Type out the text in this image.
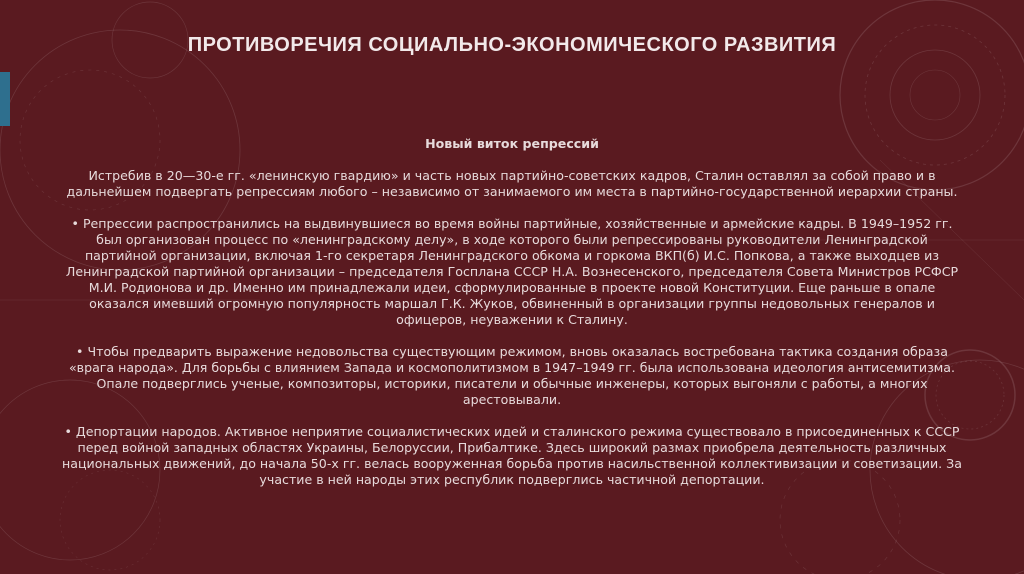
ПРОТИВОРЕЧИЯ СОЦИАЛЬНО-ЭКОНОМИЧЕСКОГО РАЗВИТИЯ
Новый виток репрессий
Истребив в 20—30-е гг. «ленинскую гвардию» и часть новых партийно-советских кадров, Сталин оставлял за собой право и в дальнейшем подвергать репрессиям любого – независимо от занимаемого им места в партийно-государственной иерархии страны.
• Репрессии распространились на выдвинувшиеся во время войны партийные, хозяйственные и армейские кадры. В 1949–1952 гг. был организован процесс по «ленинградскому делу», в ходе которого были репрессированы руководители Ленинградской партийной организации, включая 1-го секретаря Ленинградского обкома и горкома ВКП(б) И.С. Попкова, а также выходцев из Ленинградской партийной организации – председателя Госплана СССР Н.А. Вознесенского, председателя Совета Министров РСФСР М.И. Родионова и др. Именно им принадлежали идеи, сформулированные в проекте новой Конституции. Еще раньше в опале оказался имевший огромную популярность маршал Г.К. Жуков, обвиненный в организации группы недовольных генералов и офицеров, неуважении к Сталину.
• Чтобы предварить выражение недовольства существующим режимом, вновь оказалась востребована тактика создания образа «врага народа». Для борьбы с влиянием Запада и космополитизмом в 1947–1949 гг. была использована идеология антисемитизма. Опале подверглись ученые, композиторы, историки, писатели и обычные инженеры, которых выгоняли с работы, а многих арестовывали.
• Депортации народов. Активное неприятие социалистических идей и сталинского режима существовало в присоединенных к СССР перед войной западных областях Украины, Белоруссии, Прибалтике. Здесь широкий размах приобрела деятельность различных национальных движений, до начала 50-х гг. велась вооруженная борьба против насильственной коллективизации и советизации. За участие в ней народы этих республик подверглись частичной депортации.
